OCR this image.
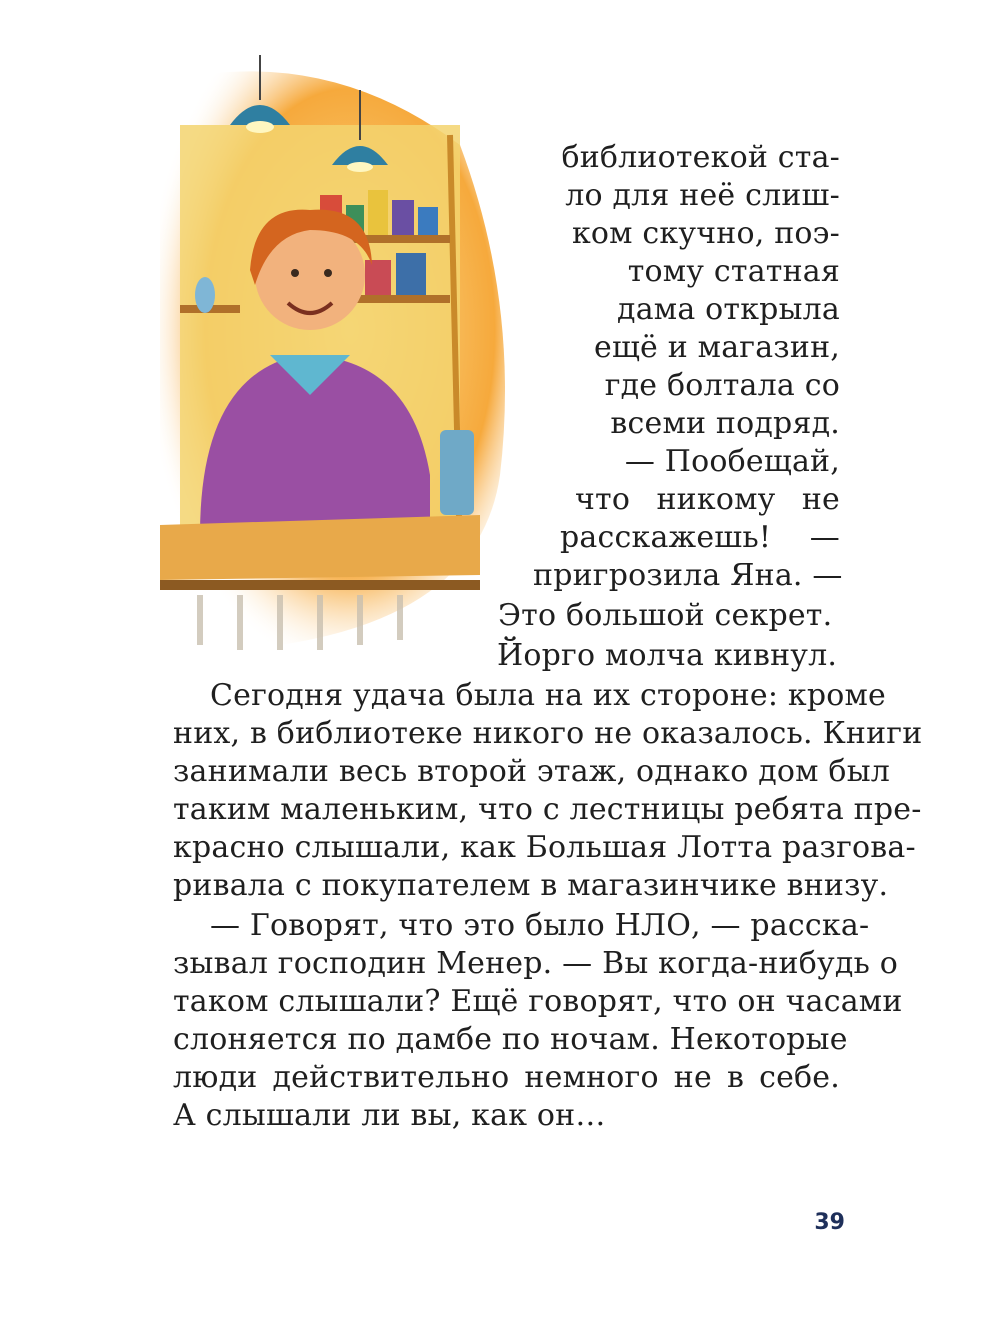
библиотекой ста-
ло для неё слиш-
ком скучно, поэ-
тому статная
дама открыла
ещё и магазин,
где болтала со
всеми подряд.
— Пообещай,
что никому не
расскажешь! —
пригрозила Яна. —
Это большой секрет.
Йорго молча кивнул.
Сегодня удача была на их стороне: кроме
них, в библиотеке никого не оказалось. Книги
занимали весь второй этаж, однако дом был
таким маленьким, что с лестницы ребята пре-
красно слышали, как Большая Лотта разгова-
ривала с покупателем в магазинчике внизу.
— Говорят, что это было НЛО, — расска-
зывал господин Менер. — Вы когда-нибудь о
таком слышали? Ещё говорят, что он часами
слоняется по дамбе по ночам. Некоторые
люди действительно немного не в себе.
А слышали ли вы, как он…
39
